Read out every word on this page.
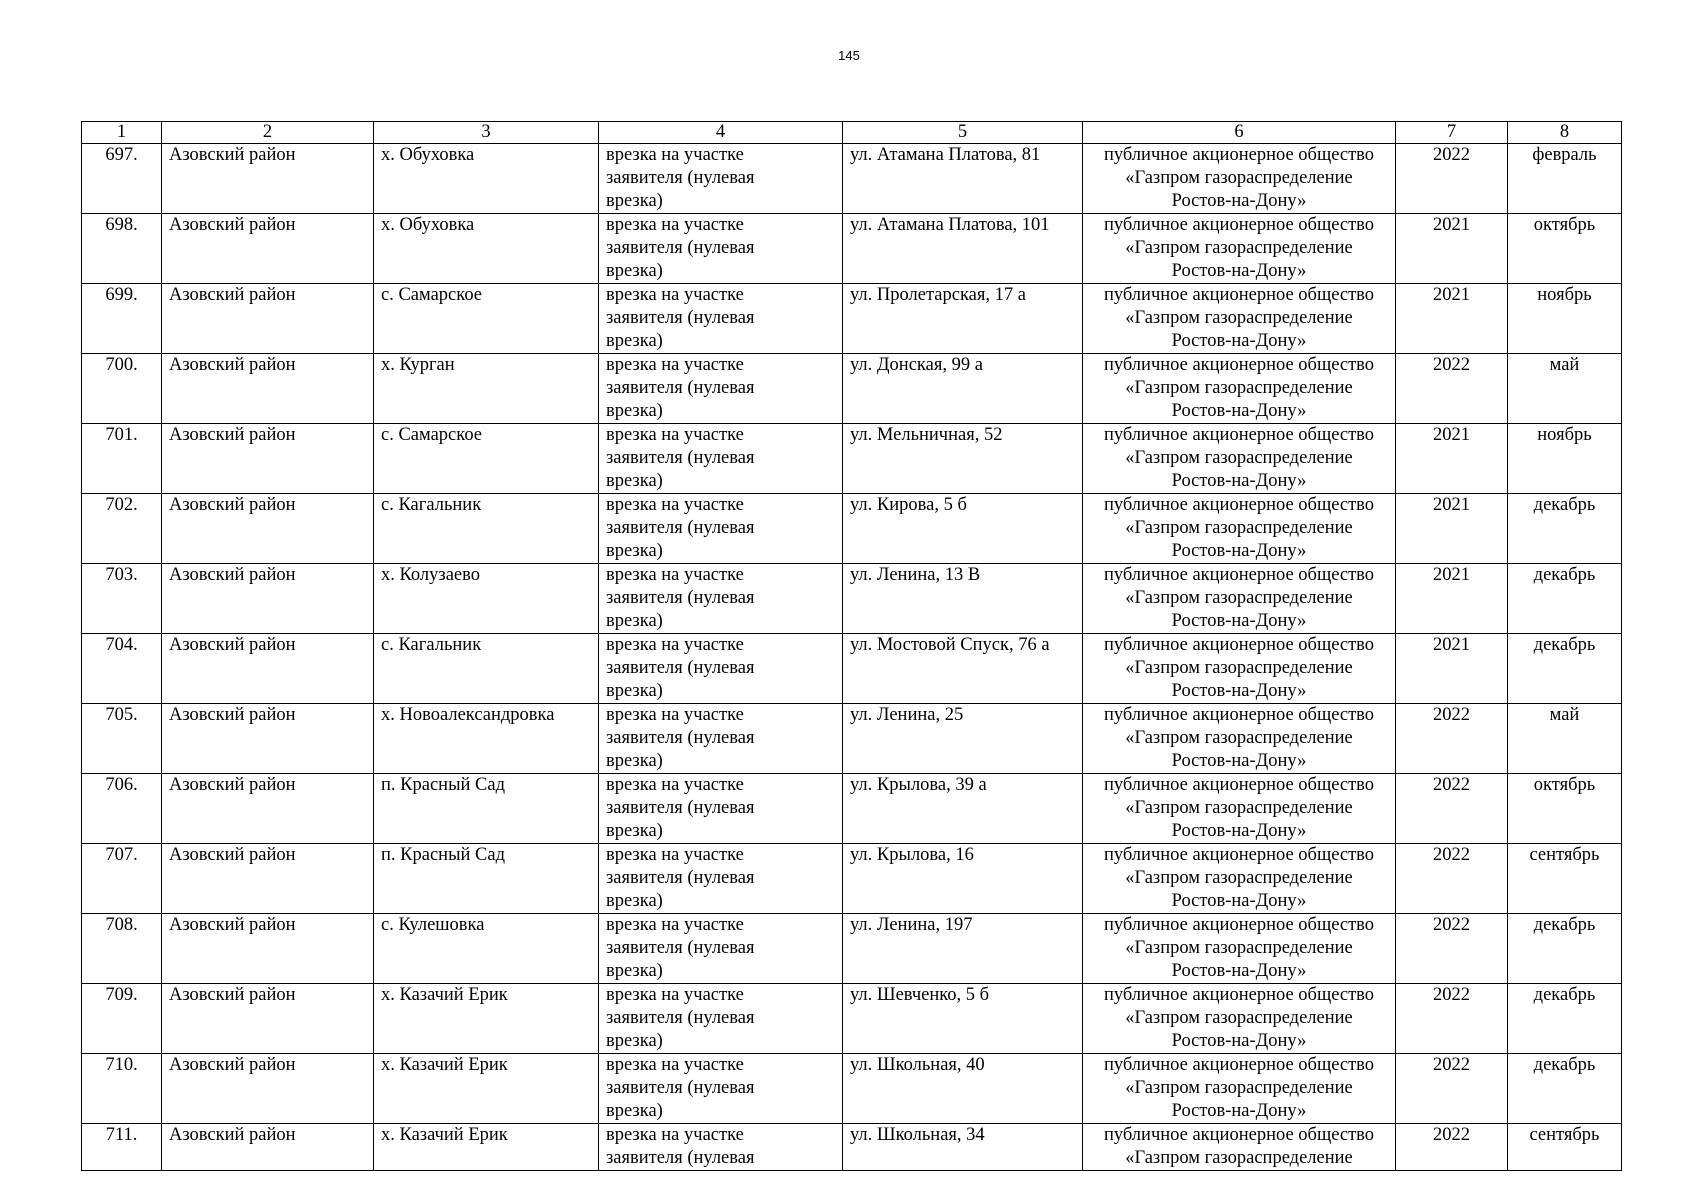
145
1	2	3	4	5	6	7	8
697.	Азовский район	х. Обуховка	врезка на участке
заявителя (нулевая
врезка)	ул. Атамана Платова, 81	публичное акционерное общество
«Газпром газораспределение
Ростов-на-Дону»	2022	февраль
698.	Азовский район	х. Обуховка	врезка на участке
заявителя (нулевая
врезка)	ул. Атамана Платова, 101	публичное акционерное общество
«Газпром газораспределение
Ростов-на-Дону»	2021	октябрь
699.	Азовский район	с. Самарское	врезка на участке
заявителя (нулевая
врезка)	ул. Пролетарская, 17 а	публичное акционерное общество
«Газпром газораспределение
Ростов-на-Дону»	2021	ноябрь
700.	Азовский район	х. Курган	врезка на участке
заявителя (нулевая
врезка)	ул. Донская, 99 а	публичное акционерное общество
«Газпром газораспределение
Ростов-на-Дону»	2022	май
701.	Азовский район	с. Самарское	врезка на участке
заявителя (нулевая
врезка)	ул. Мельничная, 52	публичное акционерное общество
«Газпром газораспределение
Ростов-на-Дону»	2021	ноябрь
702.	Азовский район	с. Кагальник	врезка на участке
заявителя (нулевая
врезка)	ул. Кирова, 5 б	публичное акционерное общество
«Газпром газораспределение
Ростов-на-Дону»	2021	декабрь
703.	Азовский район	х. Колузаево	врезка на участке
заявителя (нулевая
врезка)	ул. Ленина, 13 В	публичное акционерное общество
«Газпром газораспределение
Ростов-на-Дону»	2021	декабрь
704.	Азовский район	с. Кагальник	врезка на участке
заявителя (нулевая
врезка)	ул. Мостовой Спуск, 76 а	публичное акционерное общество
«Газпром газораспределение
Ростов-на-Дону»	2021	декабрь
705.	Азовский район	х. Новоалександровка	врезка на участке
заявителя (нулевая
врезка)	ул. Ленина, 25	публичное акционерное общество
«Газпром газораспределение
Ростов-на-Дону»	2022	май
706.	Азовский район	п. Красный Сад	врезка на участке
заявителя (нулевая
врезка)	ул. Крылова, 39 а	публичное акционерное общество
«Газпром газораспределение
Ростов-на-Дону»	2022	октябрь
707.	Азовский район	п. Красный Сад	врезка на участке
заявителя (нулевая
врезка)	ул. Крылова, 16	публичное акционерное общество
«Газпром газораспределение
Ростов-на-Дону»	2022	сентябрь
708.	Азовский район	с. Кулешовка	врезка на участке
заявителя (нулевая
врезка)	ул. Ленина, 197	публичное акционерное общество
«Газпром газораспределение
Ростов-на-Дону»	2022	декабрь
709.	Азовский район	х. Казачий Ерик	врезка на участке
заявителя (нулевая
врезка)	ул. Шевченко, 5 б	публичное акционерное общество
«Газпром газораспределение
Ростов-на-Дону»	2022	декабрь
710.	Азовский район	х. Казачий Ерик	врезка на участке
заявителя (нулевая
врезка)	ул. Школьная, 40	публичное акционерное общество
«Газпром газораспределение
Ростов-на-Дону»	2022	декабрь
711.	Азовский район	х. Казачий Ерик	врезка на участке
заявителя (нулевая	ул. Школьная, 34	публичное акционерное общество
«Газпром газораспределение	2022	сентябрь
